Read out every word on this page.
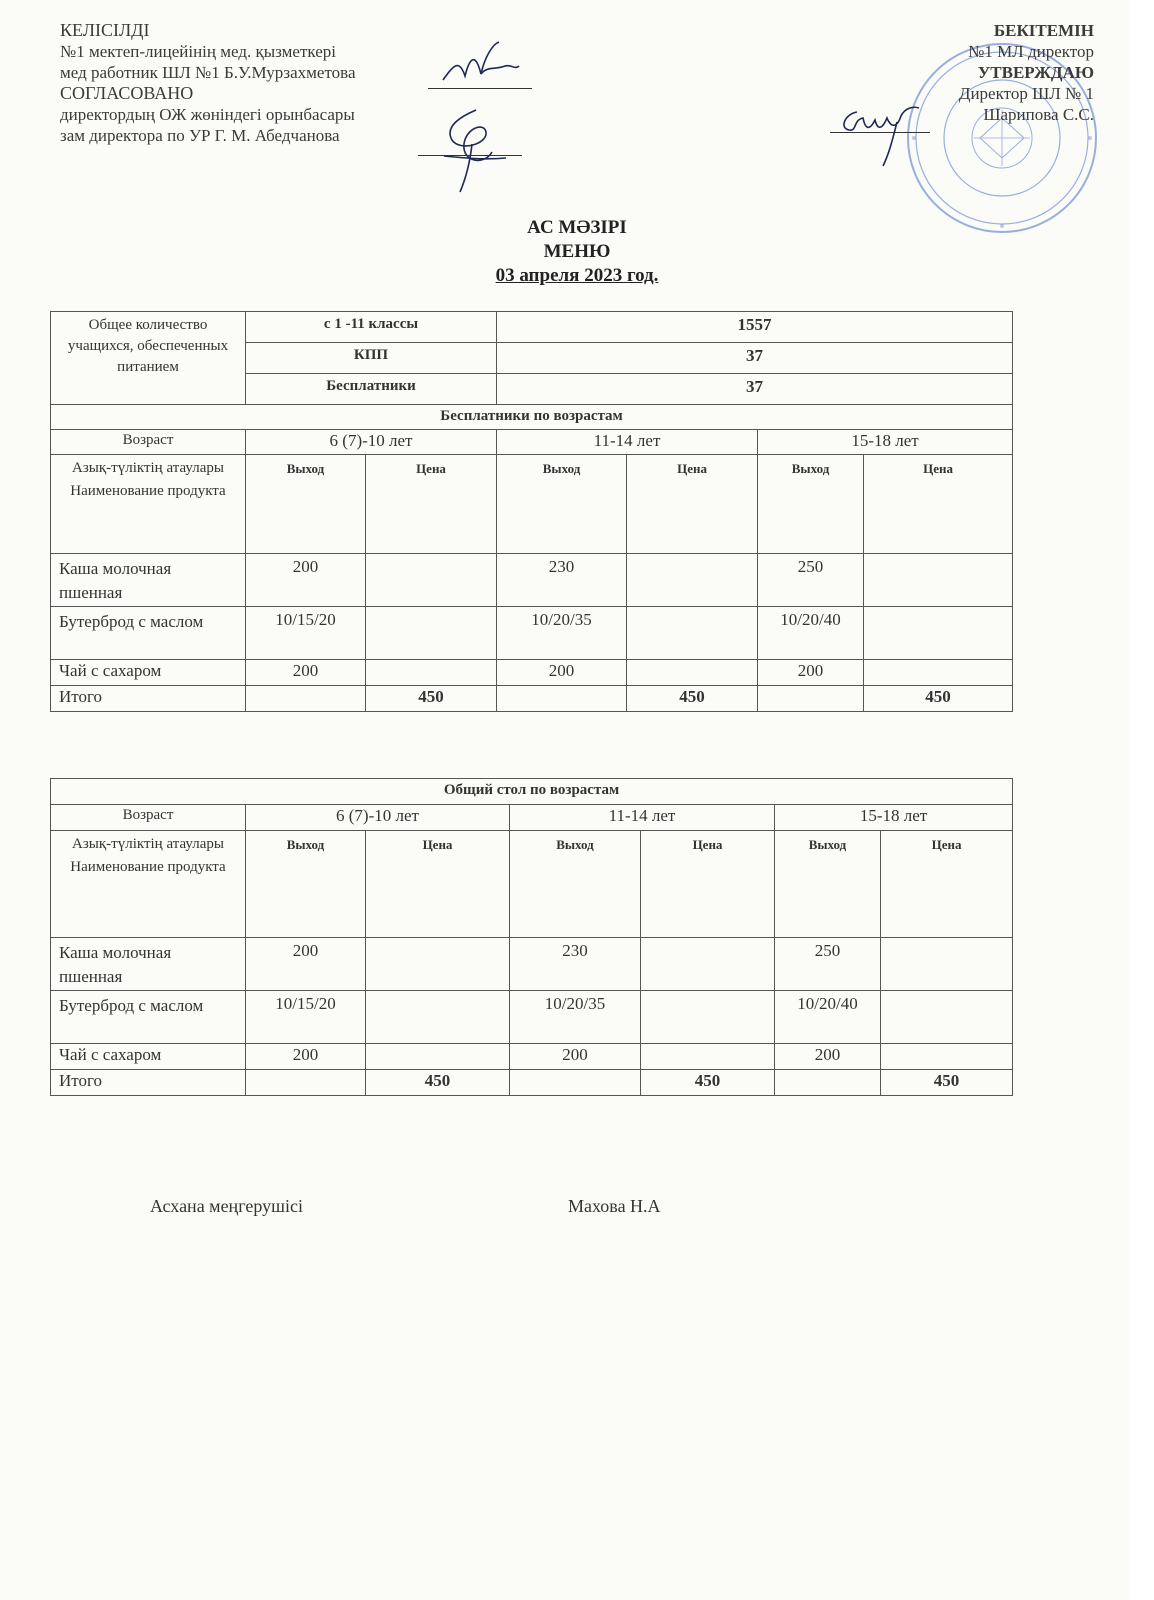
КЕЛІСІЛДІ
№1 мектеп-лицейінің мед. қызметкері
мед работник ШЛ №1 Б.У.Мурзахметова
СОГЛАСОВАНО
директордың ОЖ жөніндегі орынбасары
зам директора по УР Г. М. Абедчанова
БЕКІТЕМІН
№1 МЛ директор
УТВЕРЖДАЮ
Директор ШЛ № 1
Шарипова С.С.
АС МӘЗІРІ
МЕНЮ
03 апреля 2023 год.
Общее количество учащихся, обеспеченных питанием	с 1 -11 классы		1557			
	КПП		37			
	Бесплатники		37			
Бесплатники по возрастам						
Возраст	6 (7)-10 лет		11-14 лет		15-18 лет	
Азық-түліктің атаулары Наименование продукта	Выход	Цена	Выход	Цена	Выход	Цена
Каша молочная пшенная	200		230		250	
Бутерброд с маслом	10/15/20		10/20/35		10/20/40	
Чай с сахаром	200		200		200	
Итого		450		450		450
Общий стол по возрастам						
Возраст	6 (7)-10 лет		11-14 лет		15-18 лет	
Азық-түліктің атаулары Наименование продукта	Выход	Цена	Выход	Цена	Выход	Цена
Каша молочная пшенная	200		230		250	
Бутерброд с маслом	10/15/20		10/20/35		10/20/40	
Чай с сахаром	200		200		200	
Итого		450		450		450
Асхана меңгерушісі	Махова Н.А
